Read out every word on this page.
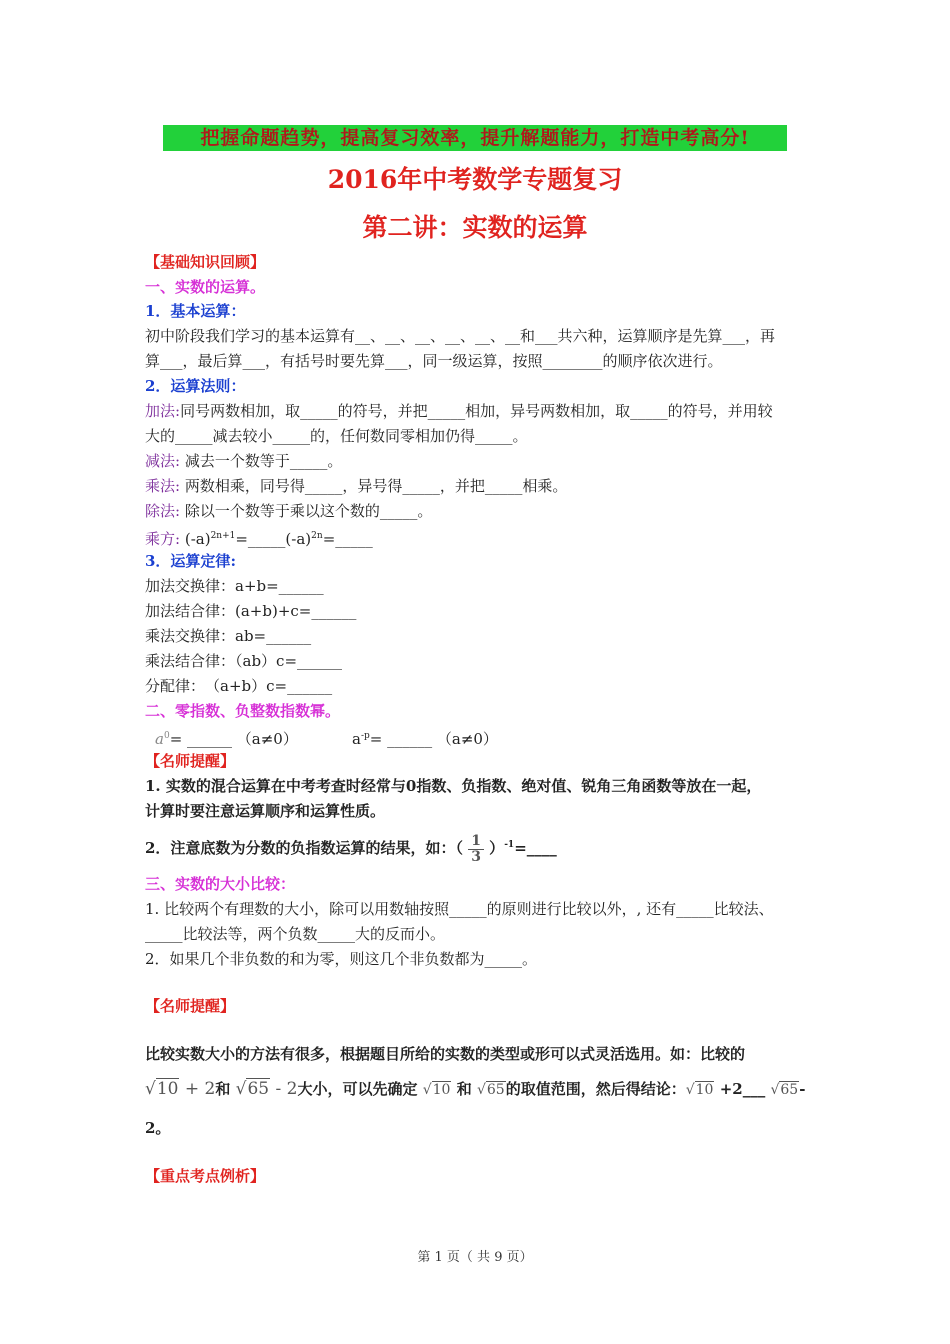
把握命题趋势，提高复习效率，提升解题能力，打造中考高分!
2016年中考数学专题复习
第二讲：实数的运算
【基础知识回顾】
一、实数的运算。
1．基本运算：
初中阶段我们学习的基本运算有__、__、__、__、__、__和___共六种，运算顺序是先算___，再
算___，最后算___，有括号时要先算___，同一级运算，按照________的顺序依次进行。
2．运算法则：
加法:同号两数相加，取_____的符号，并把_____相加，异号两数相加，取_____的符号，并用较
大的_____减去较小_____的，任何数同零相加仍得_____。
减法: 减去一个数等于_____。
乘法: 两数相乘，同号得_____，异号得_____，并把_____相乘。
除法: 除以一个数等于乘以这个数的_____。
乘方: $(-a)^{2n+1}=\_\_\_\_\_(-a)^{2n}=\_\_\_\_\_$
3．运算定律:
加法交换律：a+b=______
加法结合律：(a+b)+c=______
乘法交换律：ab=______
乘法结合律：（ab）c=______
分配律：　（a+b）c=______
二、零指数、负整数指数幂。
$a^0=$ ______ （a≠0）	$a^{-p}=$ ______ （a≠0）
【名师提醒】
1. 实数的混合运算在中考考查时经常与0指数、负指数、绝对值、锐角三角函数等放在一起，
计算时要注意运算顺序和运算性质。
2．注意底数为分数的负指数运算的结果，如：（ $\frac{1}{3}$ ）$^{-1}$=____
三、实数的大小比较：
1. 比较两个有理数的大小，除可以用数轴按照_____的原则进行比较以外，, 还有_____比较法、
_____比较法等，两个负数_____大的反而小。
2．如果几个非负数的和为零，则这几个非负数都为_____。
【名师提醒】
比较实数大小的方法有很多，根据题目所给的实数的类型或形可以式灵活选用。如：比较的
√10 + 2和 √65 - 2大小，可以先确定 √10 和 √65的取值范围，然后得结论：√10 +2___ √65-
2。
【重点考点例析】
第 1 页（ 共 9 页）
